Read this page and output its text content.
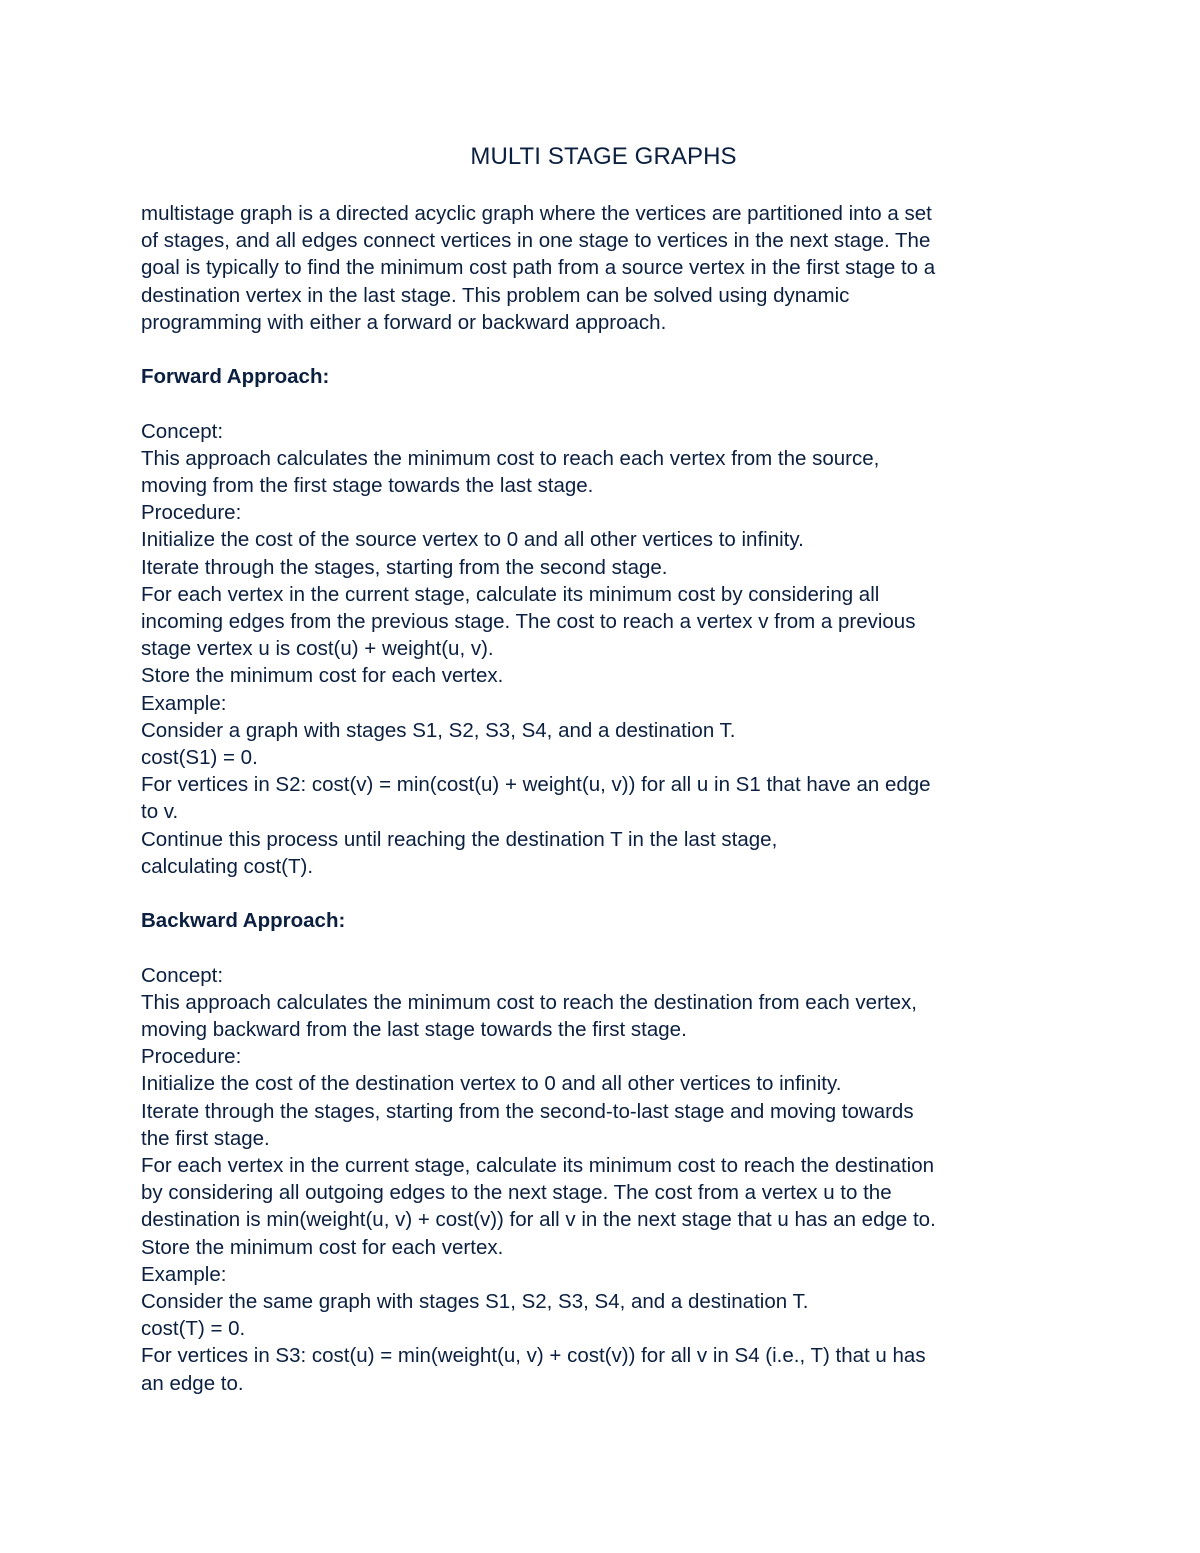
MULTI STAGE GRAPHS

multistage graph is a directed acyclic graph where the vertices are partitioned into a set
of stages, and all edges connect vertices in one stage to vertices in the next stage. The
goal is typically to find the minimum cost path from a source vertex in the first stage to a
destination vertex in the last stage. This problem can be solved using dynamic
programming with either a forward or backward approach.

Forward Approach:

Concept:
This approach calculates the minimum cost to reach each vertex from the source,
moving from the first stage towards the last stage.
Procedure:
Initialize the cost of the source vertex to 0 and all other vertices to infinity.
Iterate through the stages, starting from the second stage.
For each vertex in the current stage, calculate its minimum cost by considering all
incoming edges from the previous stage. The cost to reach a vertex v from a previous
stage vertex u is cost(u) + weight(u, v).
Store the minimum cost for each vertex.
Example:
Consider a graph with stages S1, S2, S3, S4, and a destination T.
cost(S1) = 0.
For vertices in S2: cost(v) = min(cost(u) + weight(u, v)) for all u in S1 that have an edge
to v.
Continue this process until reaching the destination T in the last stage,
calculating cost(T).

Backward Approach:

Concept:
This approach calculates the minimum cost to reach the destination from each vertex,
moving backward from the last stage towards the first stage.
Procedure:
Initialize the cost of the destination vertex to 0 and all other vertices to infinity.
Iterate through the stages, starting from the second-to-last stage and moving towards
the first stage.
For each vertex in the current stage, calculate its minimum cost to reach the destination
by considering all outgoing edges to the next stage. The cost from a vertex u to the
destination is min(weight(u, v) + cost(v)) for all v in the next stage that u has an edge to.
Store the minimum cost for each vertex.
Example:
Consider the same graph with stages S1, S2, S3, S4, and a destination T.
cost(T) = 0.
For vertices in S3: cost(u) = min(weight(u, v) + cost(v)) for all v in S4 (i.e., T) that u has
an edge to.
